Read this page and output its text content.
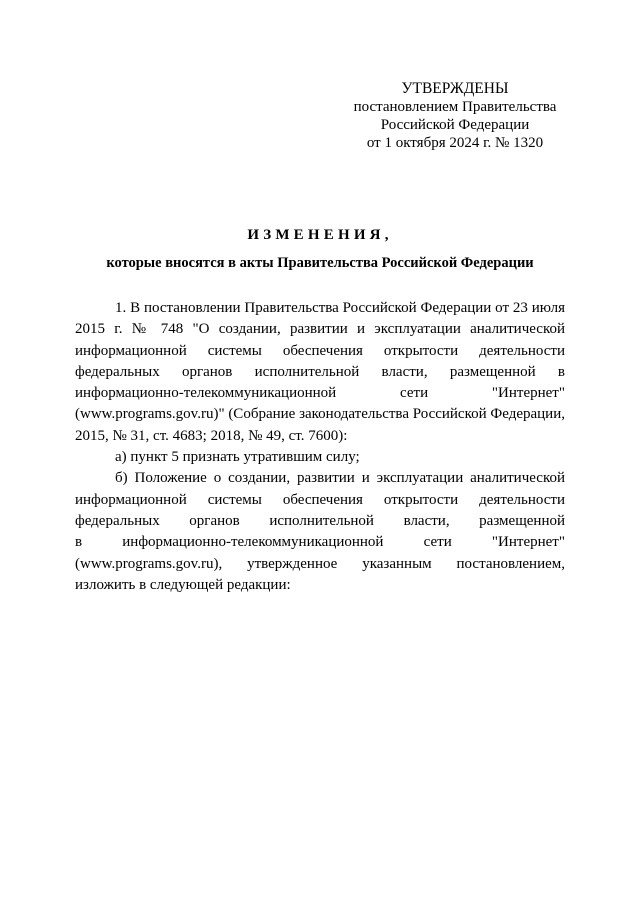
УТВЕРЖДЕНЫ
постановлением Правительства
Российской Федерации
от 1 октября 2024 г. № 1320
ИЗМЕНЕНИЯ,
которые вносятся в акты Правительства Российской Федерации

1. В постановлении Правительства Российской Федерации от 23 июля 2015 г. № 748 "О создании, развитии и эксплуатации аналитической информационной системы обеспечения открытости деятельности федеральных органов исполнительной власти, размещенной в информационно-телекоммуникационной сети "Интернет" (www.programs.gov.ru)" (Собрание законодательства Российской Федерации, 2015, № 31, ст. 4683; 2018, № 49, ст. 7600):

а) пункт 5 признать утратившим силу;

б) Положение о создании, развитии и эксплуатации аналитической
информационной системы обеспечения открытости деятельности
федеральных органов исполнительной власти, размещенной
в информационно-телекоммуникационной сети "Интернет"
(www.programs.gov.ru), утвержденное указанным постановлением,
изложить в следующей редакции:
